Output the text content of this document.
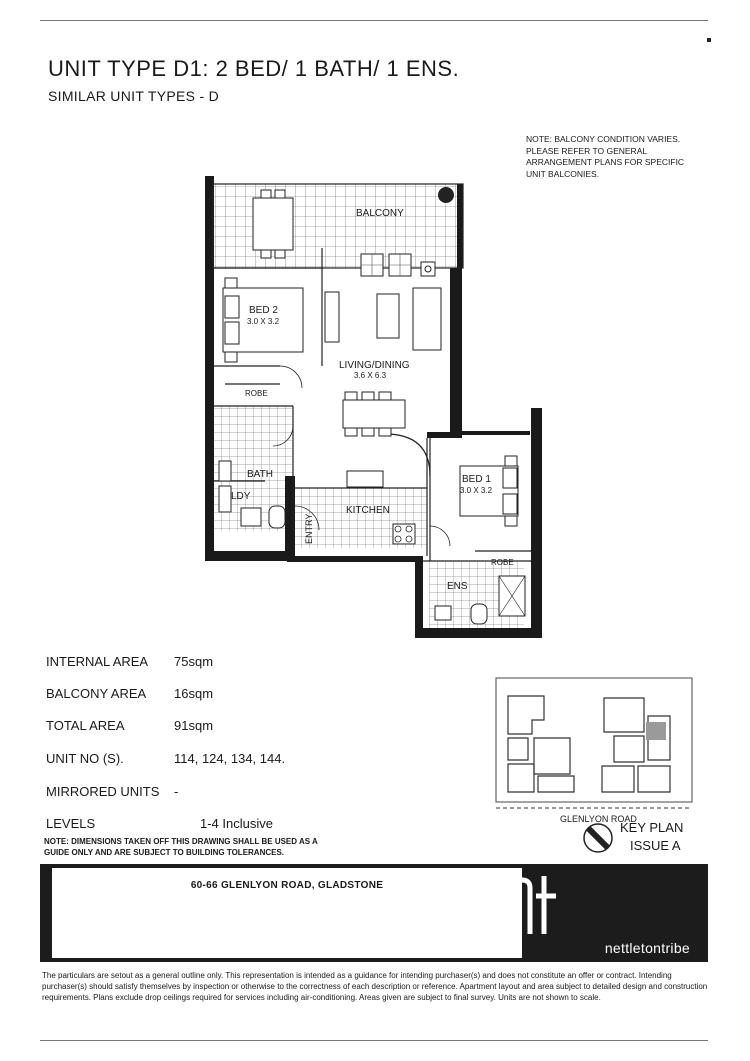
UNIT TYPE D1: 2 BED/ 1 BATH/ 1 ENS.
SIMILAR UNIT TYPES - D
NOTE: BALCONY CONDITION VARIES. PLEASE REFER TO GENERAL ARRANGEMENT PLANS FOR SPECIFIC UNIT BALCONIES.
BALCONY
BED 2
3.0 X 3.2
LIVING/DINING
3.6 X 6.3
ROBE
BATH
LDY
ENTRY
KITCHEN
BED 1
3.0 X 3.2
ROBE
ENS
INTERNAL AREA 75sqm
BALCONY AREA 16sqm
TOTAL AREA	91sqm
UNIT NO (S).	114, 124, 134, 144.
MIRRORED UNITS -
LEVELS	1-4 Inclusive
NOTE: DIMENSIONS TAKEN OFF THIS DRAWING SHALL BE USED AS A GUIDE ONLY AND ARE SUBJECT TO BUILDING TOLERANCES.
GLENLYON ROAD
KEY PLAN
ISSUE A
60-66 GLENLYON ROAD, GLADSTONE
nettletontribe
The particulars are setout as a general outline only. This representation is intended as a guidance for intending purchaser(s) and does not constitute an offer or contract. Intending purchaser(s) should satisfy themselves by inspection or otherwise to the correctness of each description or reference. Apartment layout and area subject to detailed design and construction requirements. Plans exclude drop ceilings required for services including air-conditioning. Areas given are subject to final survey. Units are not shown to scale.
